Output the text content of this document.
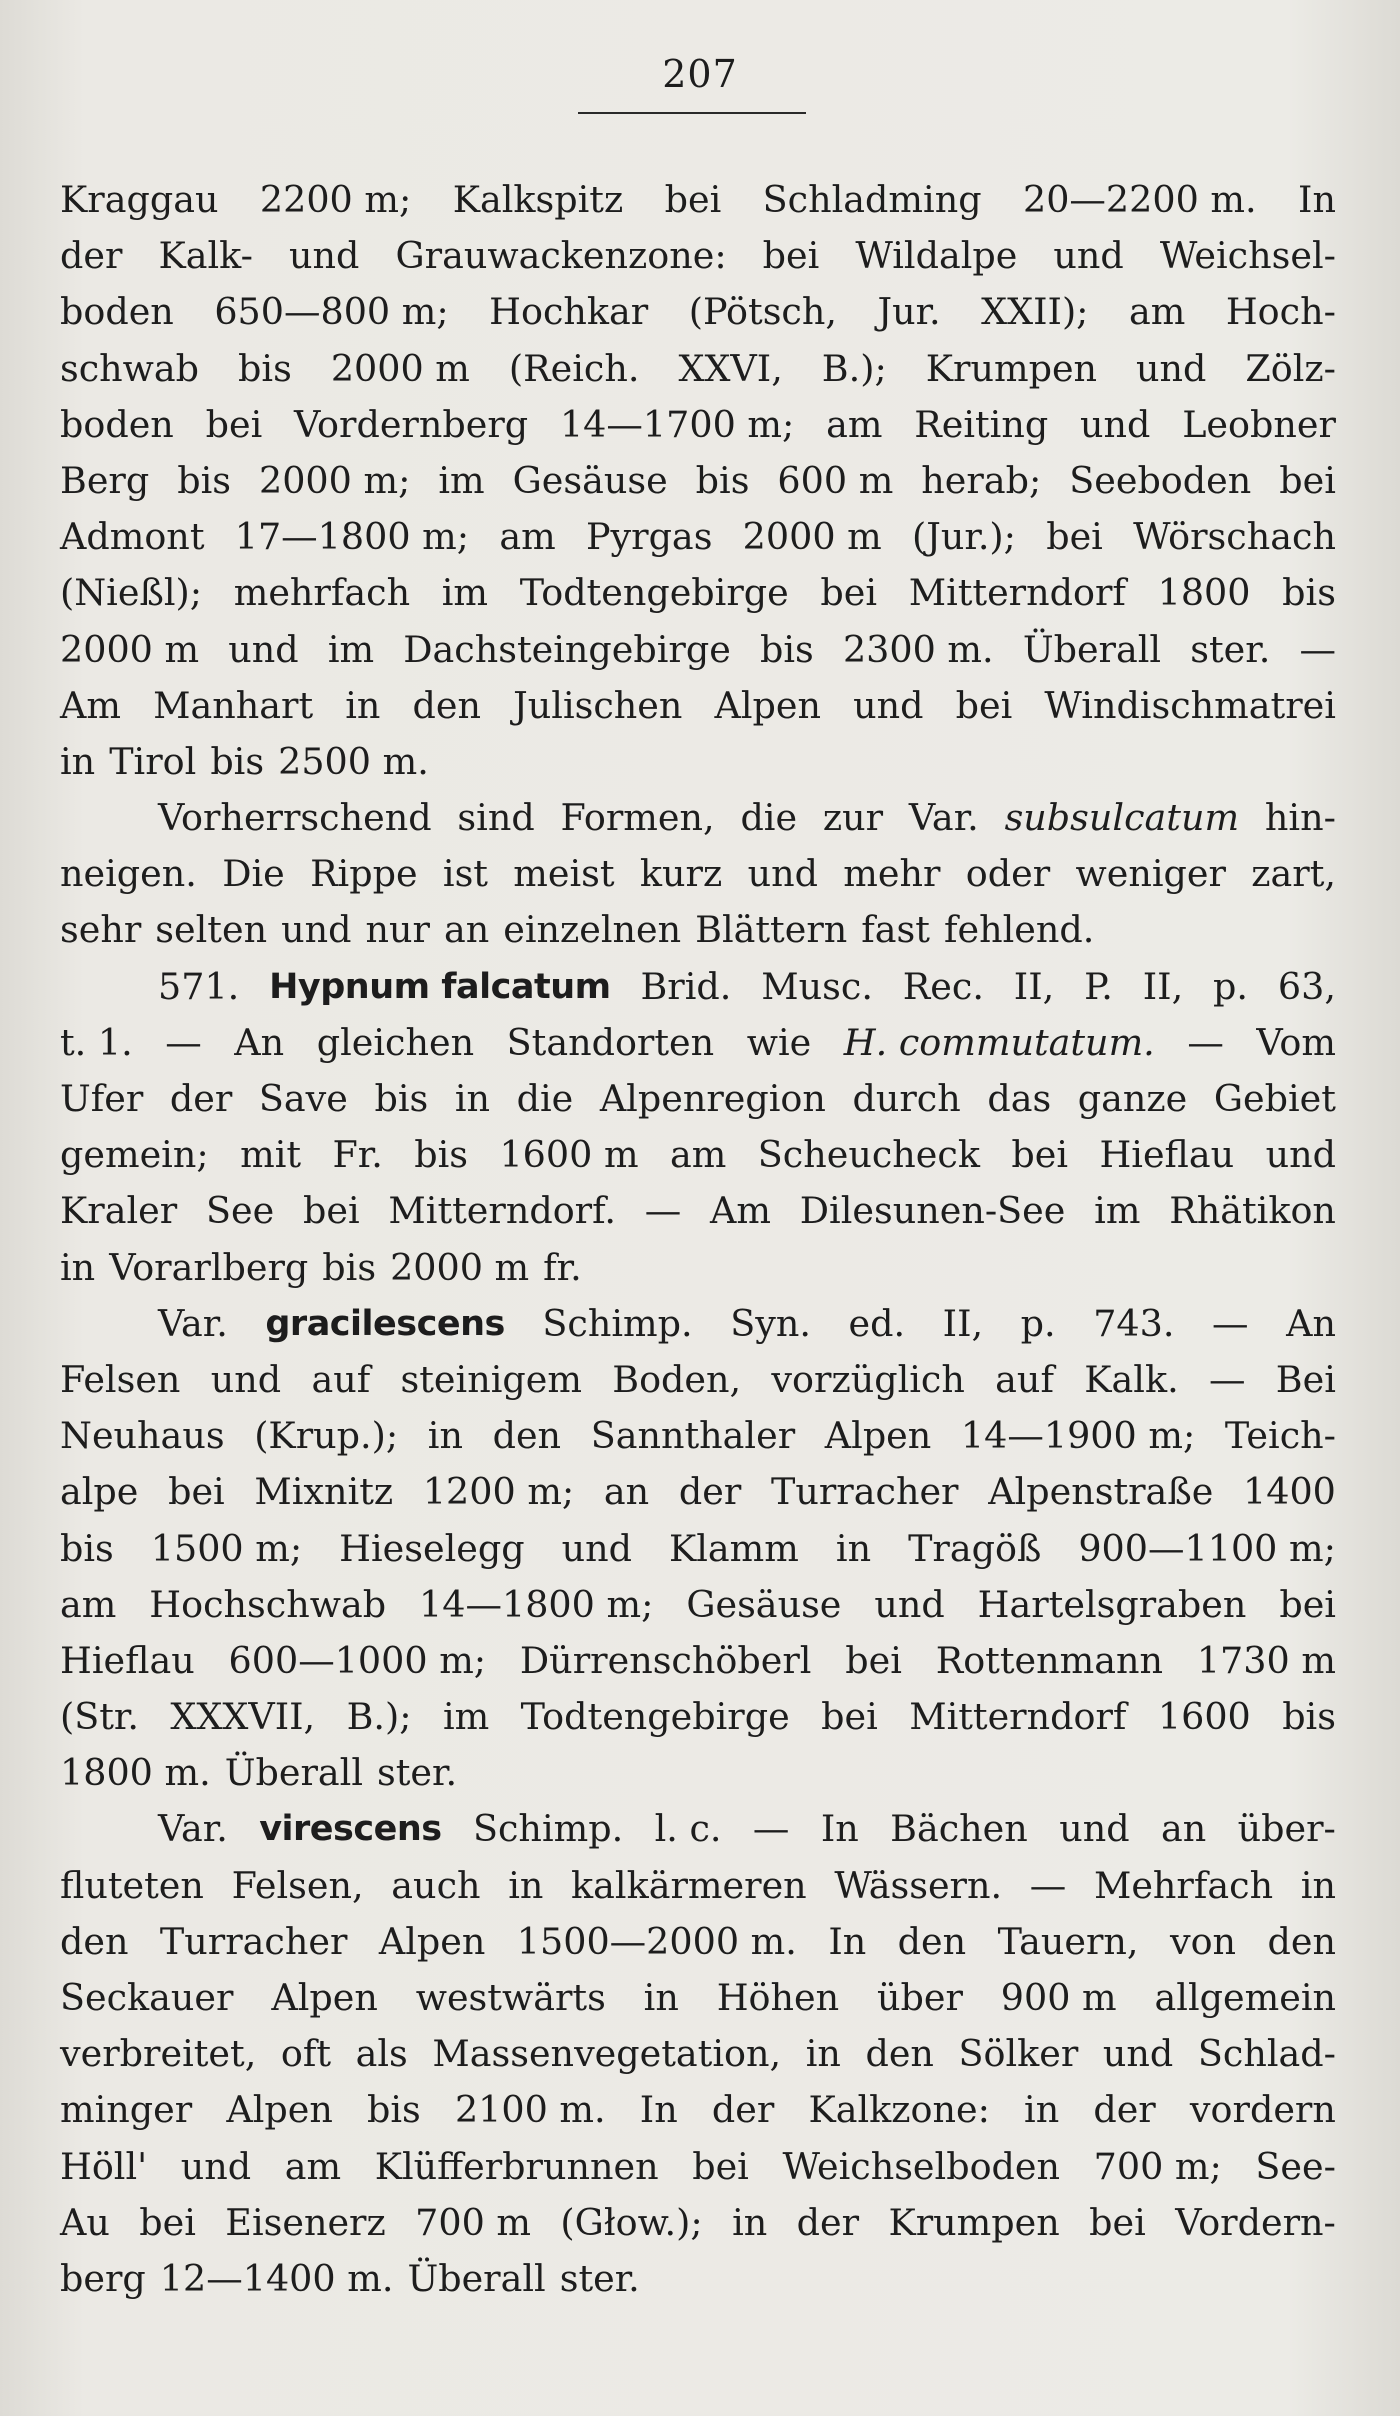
207
Kraggau 2200 m; Kalkspitz bei Schladming 20—2200 m. In
der Kalk- und Grauwackenzone: bei Wildalpe und Weichsel-
boden 650—800 m; Hochkar (Pötsch, Jur. XXII); am Hoch-
schwab bis 2000 m (Reich. XXVI, B.); Krumpen und Zölz-
boden bei Vordernberg 14—1700 m; am Reiting und Leobner
Berg bis 2000 m; im Gesäuse bis 600 m herab; Seeboden bei
Admont 17—1800 m; am Pyrgas 2000 m (Jur.); bei Wörschach
(Nießl); mehrfach im Todtengebirge bei Mitterndorf 1800 bis
2000 m und im Dachsteingebirge bis 2300 m. Überall ster. —
Am Manhart in den Julischen Alpen und bei Windischmatrei
in Tirol bis 2500 m.
Vorherrschend sind Formen, die zur Var. subsulcatum hin-
neigen. Die Rippe ist meist kurz und mehr oder weniger zart,
sehr selten und nur an einzelnen Blättern fast fehlend.
571. Hypnum falcatum Brid. Musc. Rec. II, P. II, p. 63,
t. 1. — An gleichen Standorten wie H. commutatum. — Vom
Ufer der Save bis in die Alpenregion durch das ganze Gebiet
gemein; mit Fr. bis 1600 m am Scheucheck bei Hieflau und
Kraler See bei Mitterndorf. — Am Dilesunen-See im Rhätikon
in Vorarlberg bis 2000 m fr.
Var. gracilescens Schimp. Syn. ed. II, p. 743. — An
Felsen und auf steinigem Boden, vorzüglich auf Kalk. — Bei
Neuhaus (Krup.); in den Sannthaler Alpen 14—1900 m; Teich-
alpe bei Mixnitz 1200 m; an der Turracher Alpenstraße 1400
bis 1500 m; Hieselegg und Klamm in Tragöß 900—1100 m;
am Hochschwab 14—1800 m; Gesäuse und Hartelsgraben bei
Hieflau 600—1000 m; Dürrenschöberl bei Rottenmann 1730 m
(Str. XXXVII, B.); im Todtengebirge bei Mitterndorf 1600 bis
1800 m. Überall ster.
Var. virescens Schimp. l. c. — In Bächen und an über-
fluteten Felsen, auch in kalkärmeren Wässern. — Mehrfach in
den Turracher Alpen 1500—2000 m. In den Tauern, von den
Seckauer Alpen westwärts in Höhen über 900 m allgemein
verbreitet, oft als Massenvegetation, in den Sölker und Schlad-
minger Alpen bis 2100 m. In der Kalkzone: in der vordern
Höll' und am Klüfferbrunnen bei Weichselboden 700 m; See-
Au bei Eisenerz 700 m (Głow.); in der Krumpen bei Vordern-
berg 12—1400 m. Überall ster.
